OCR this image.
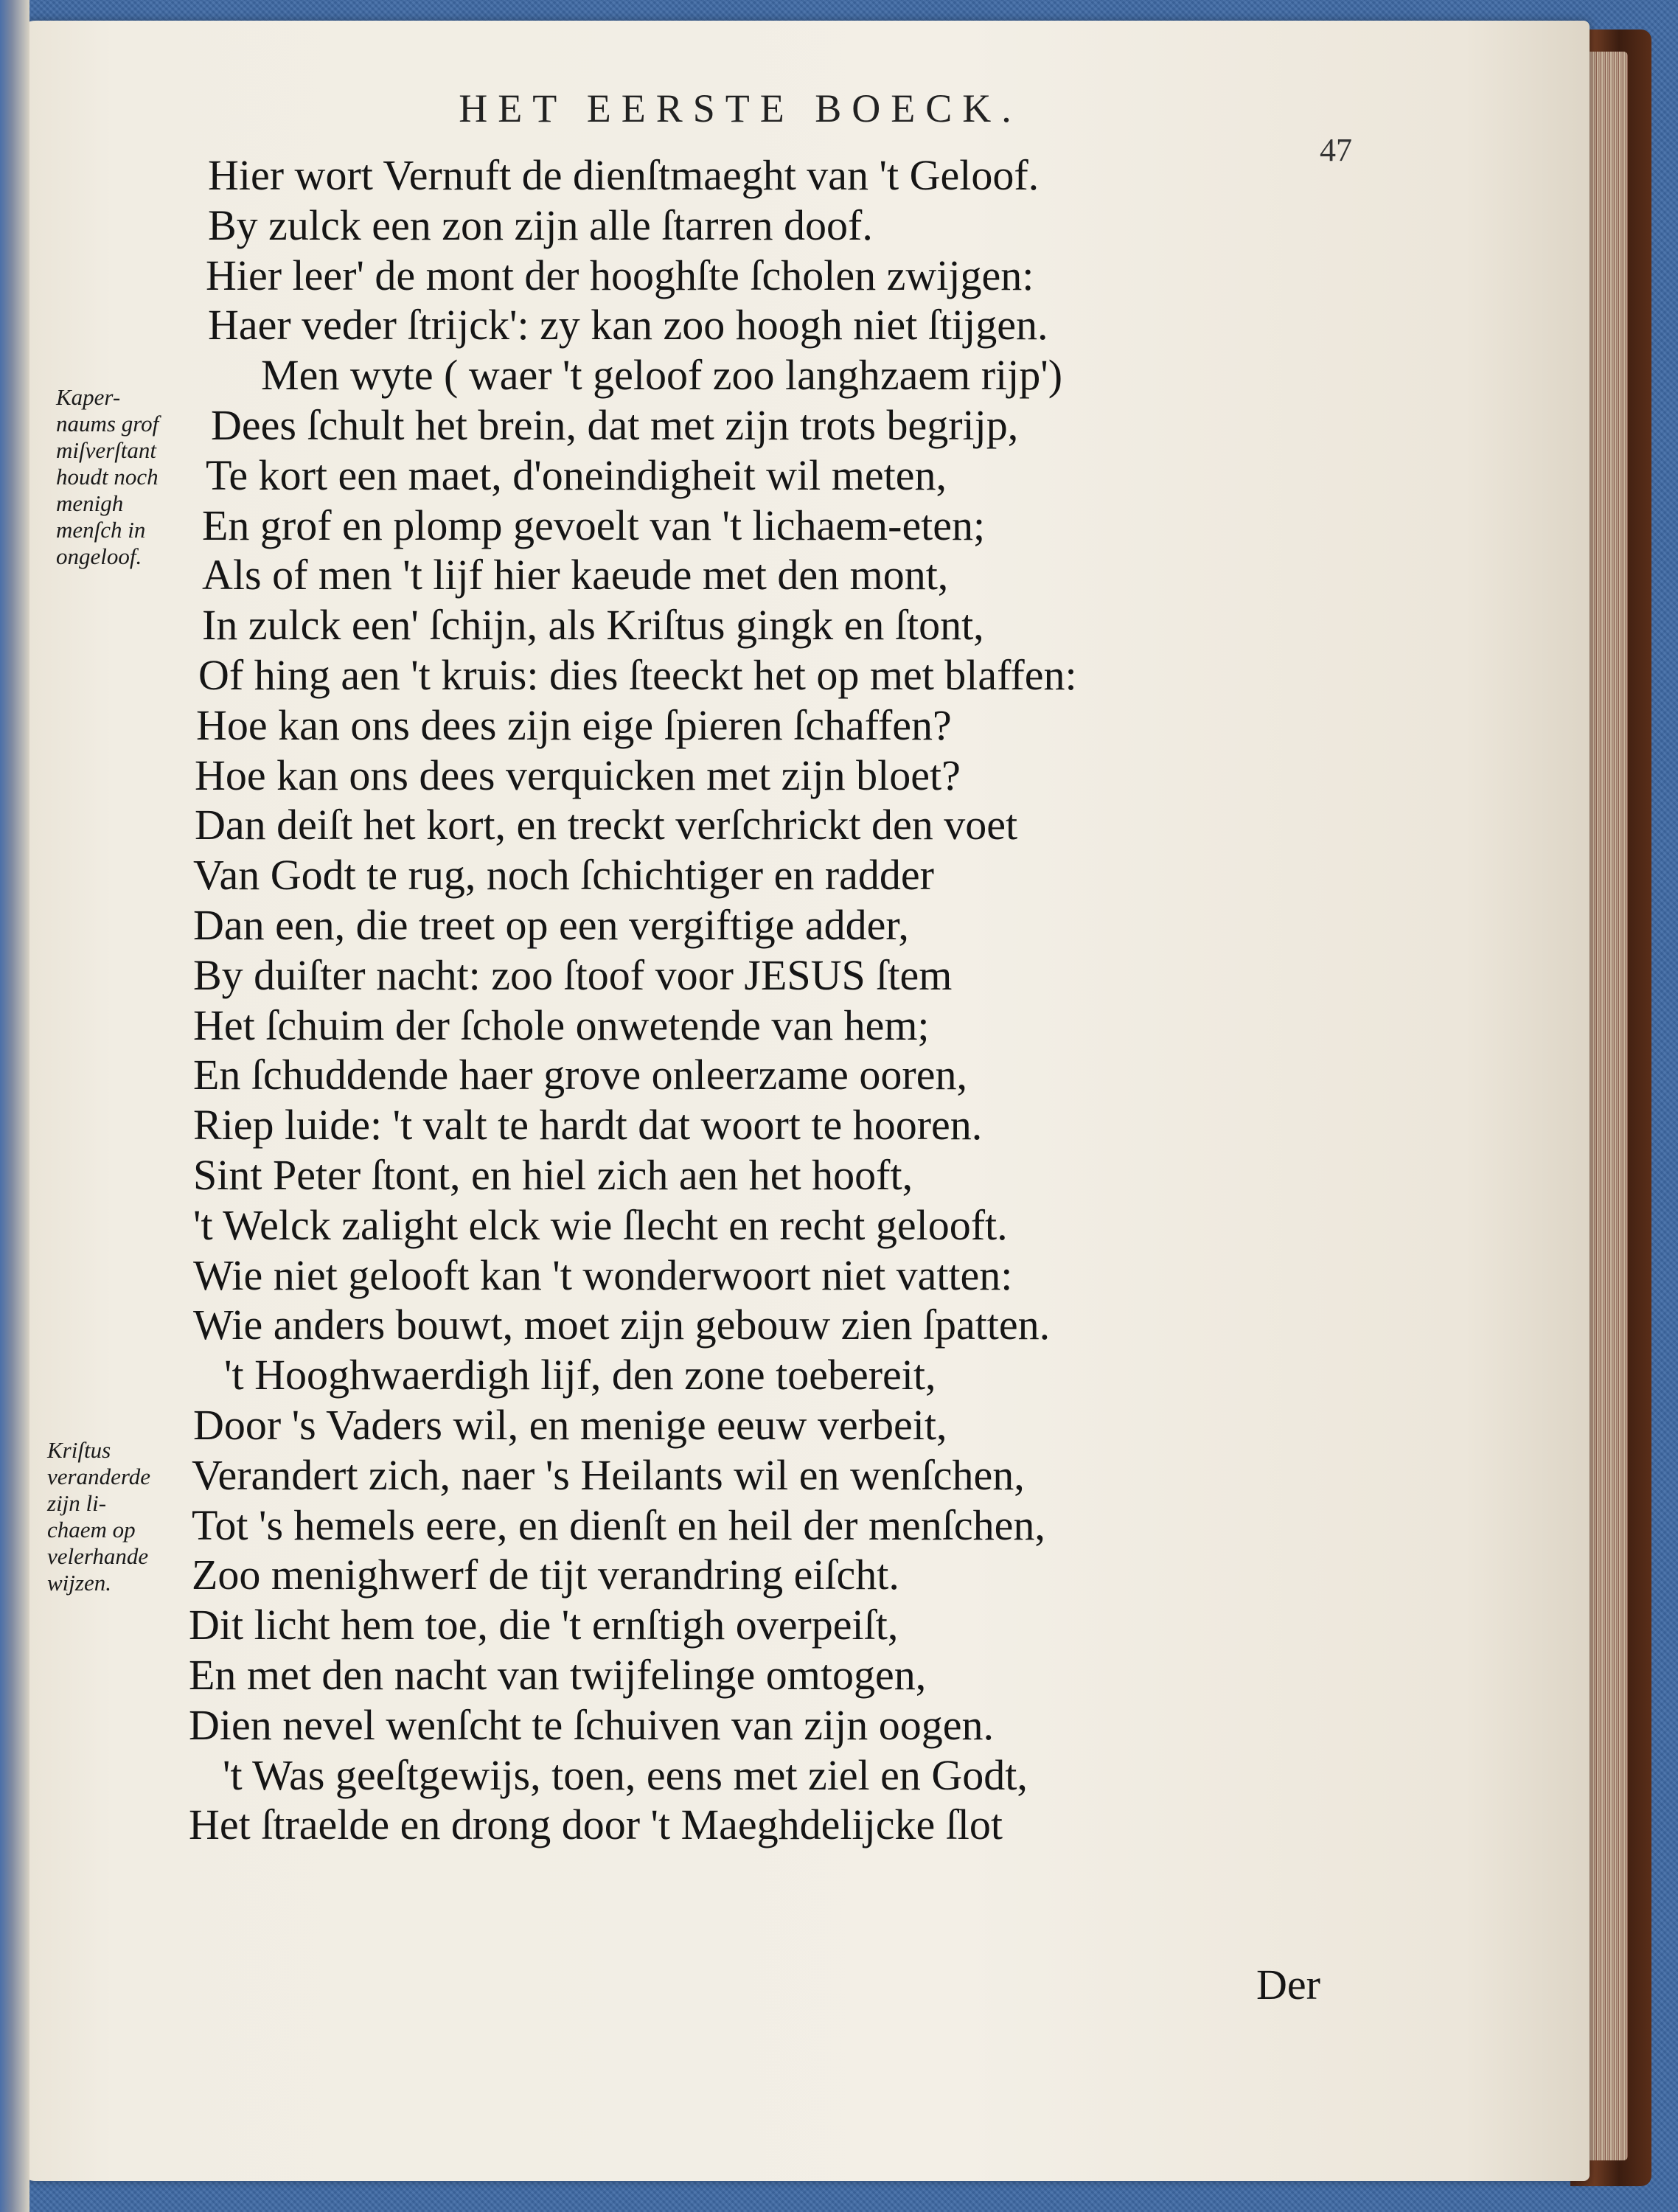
HET EERSTE BOECK.
47
Hier wort Vernuft de dienſtmaeght van 't Geloof.
By zulck een zon zijn alle ſtarren doof.
Hier leer' de mont der hooghſte ſcholen zwijgen:
Haer veder ſtrijck': zy kan zoo hoogh niet ſtijgen.
Men wyte ( waer 't geloof zoo langhzaem rijp')
Dees ſchult het brein, dat met zijn trots begrijp,
Te kort een maet, d'oneindigheit wil meten,
En grof en plomp gevoelt van 't lichaem-eten;
Als of men 't lijf hier kaeude met den mont,
In zulck een' ſchijn, als Kriſtus gingk en ſtont,
Of hing aen 't kruis: dies ſteeckt het op met blaffen:
Hoe kan ons dees zijn eige ſpieren ſchaffen?
Hoe kan ons dees verquicken met zijn bloet?
Dan deiſt het kort, en treckt verſchrickt den voet
Van Godt te rug, noch ſchichtiger en radder
Dan een, die treet op een vergiftige adder,
By duiſter nacht: zoo ſtoof voor JESUS ſtem
Het ſchuim der ſchole onwetende van hem;
En ſchuddende haer grove onleerzame ooren,
Riep luide: 't valt te hardt dat woort te hooren.
Sint Peter ſtont, en hiel zich aen het hooft,
't Welck zalight elck wie ſlecht en recht gelooft.
Wie niet gelooft kan 't wonderwoort niet vatten:
Wie anders bouwt, moet zijn gebouw zien ſpatten.
't Hooghwaerdigh lijf, den zone toebereit,
Door 's Vaders wil, en menige eeuw verbeit,
Verandert zich, naer 's Heilants wil en wenſchen,
Tot 's hemels eere, en dienſt en heil der menſchen,
Zoo menighwerf de tijt verandring eiſcht.
Dit licht hem toe, die 't ernſtigh overpeiſt,
En met den nacht van twijfelinge omtogen,
Dien nevel wenſcht te ſchuiven van zijn oogen.
't Was geeſtgewijs, toen, eens met ziel en Godt,
Het ſtraelde en drong door 't Maeghdelijcke ſlot
Kaper-
naums grof
miſverſtant
houdt noch
menigh
menſch in
ongeloof.
Kriſtus
veranderde
zijn li-
chaem op
velerhande
wijzen.
Der
